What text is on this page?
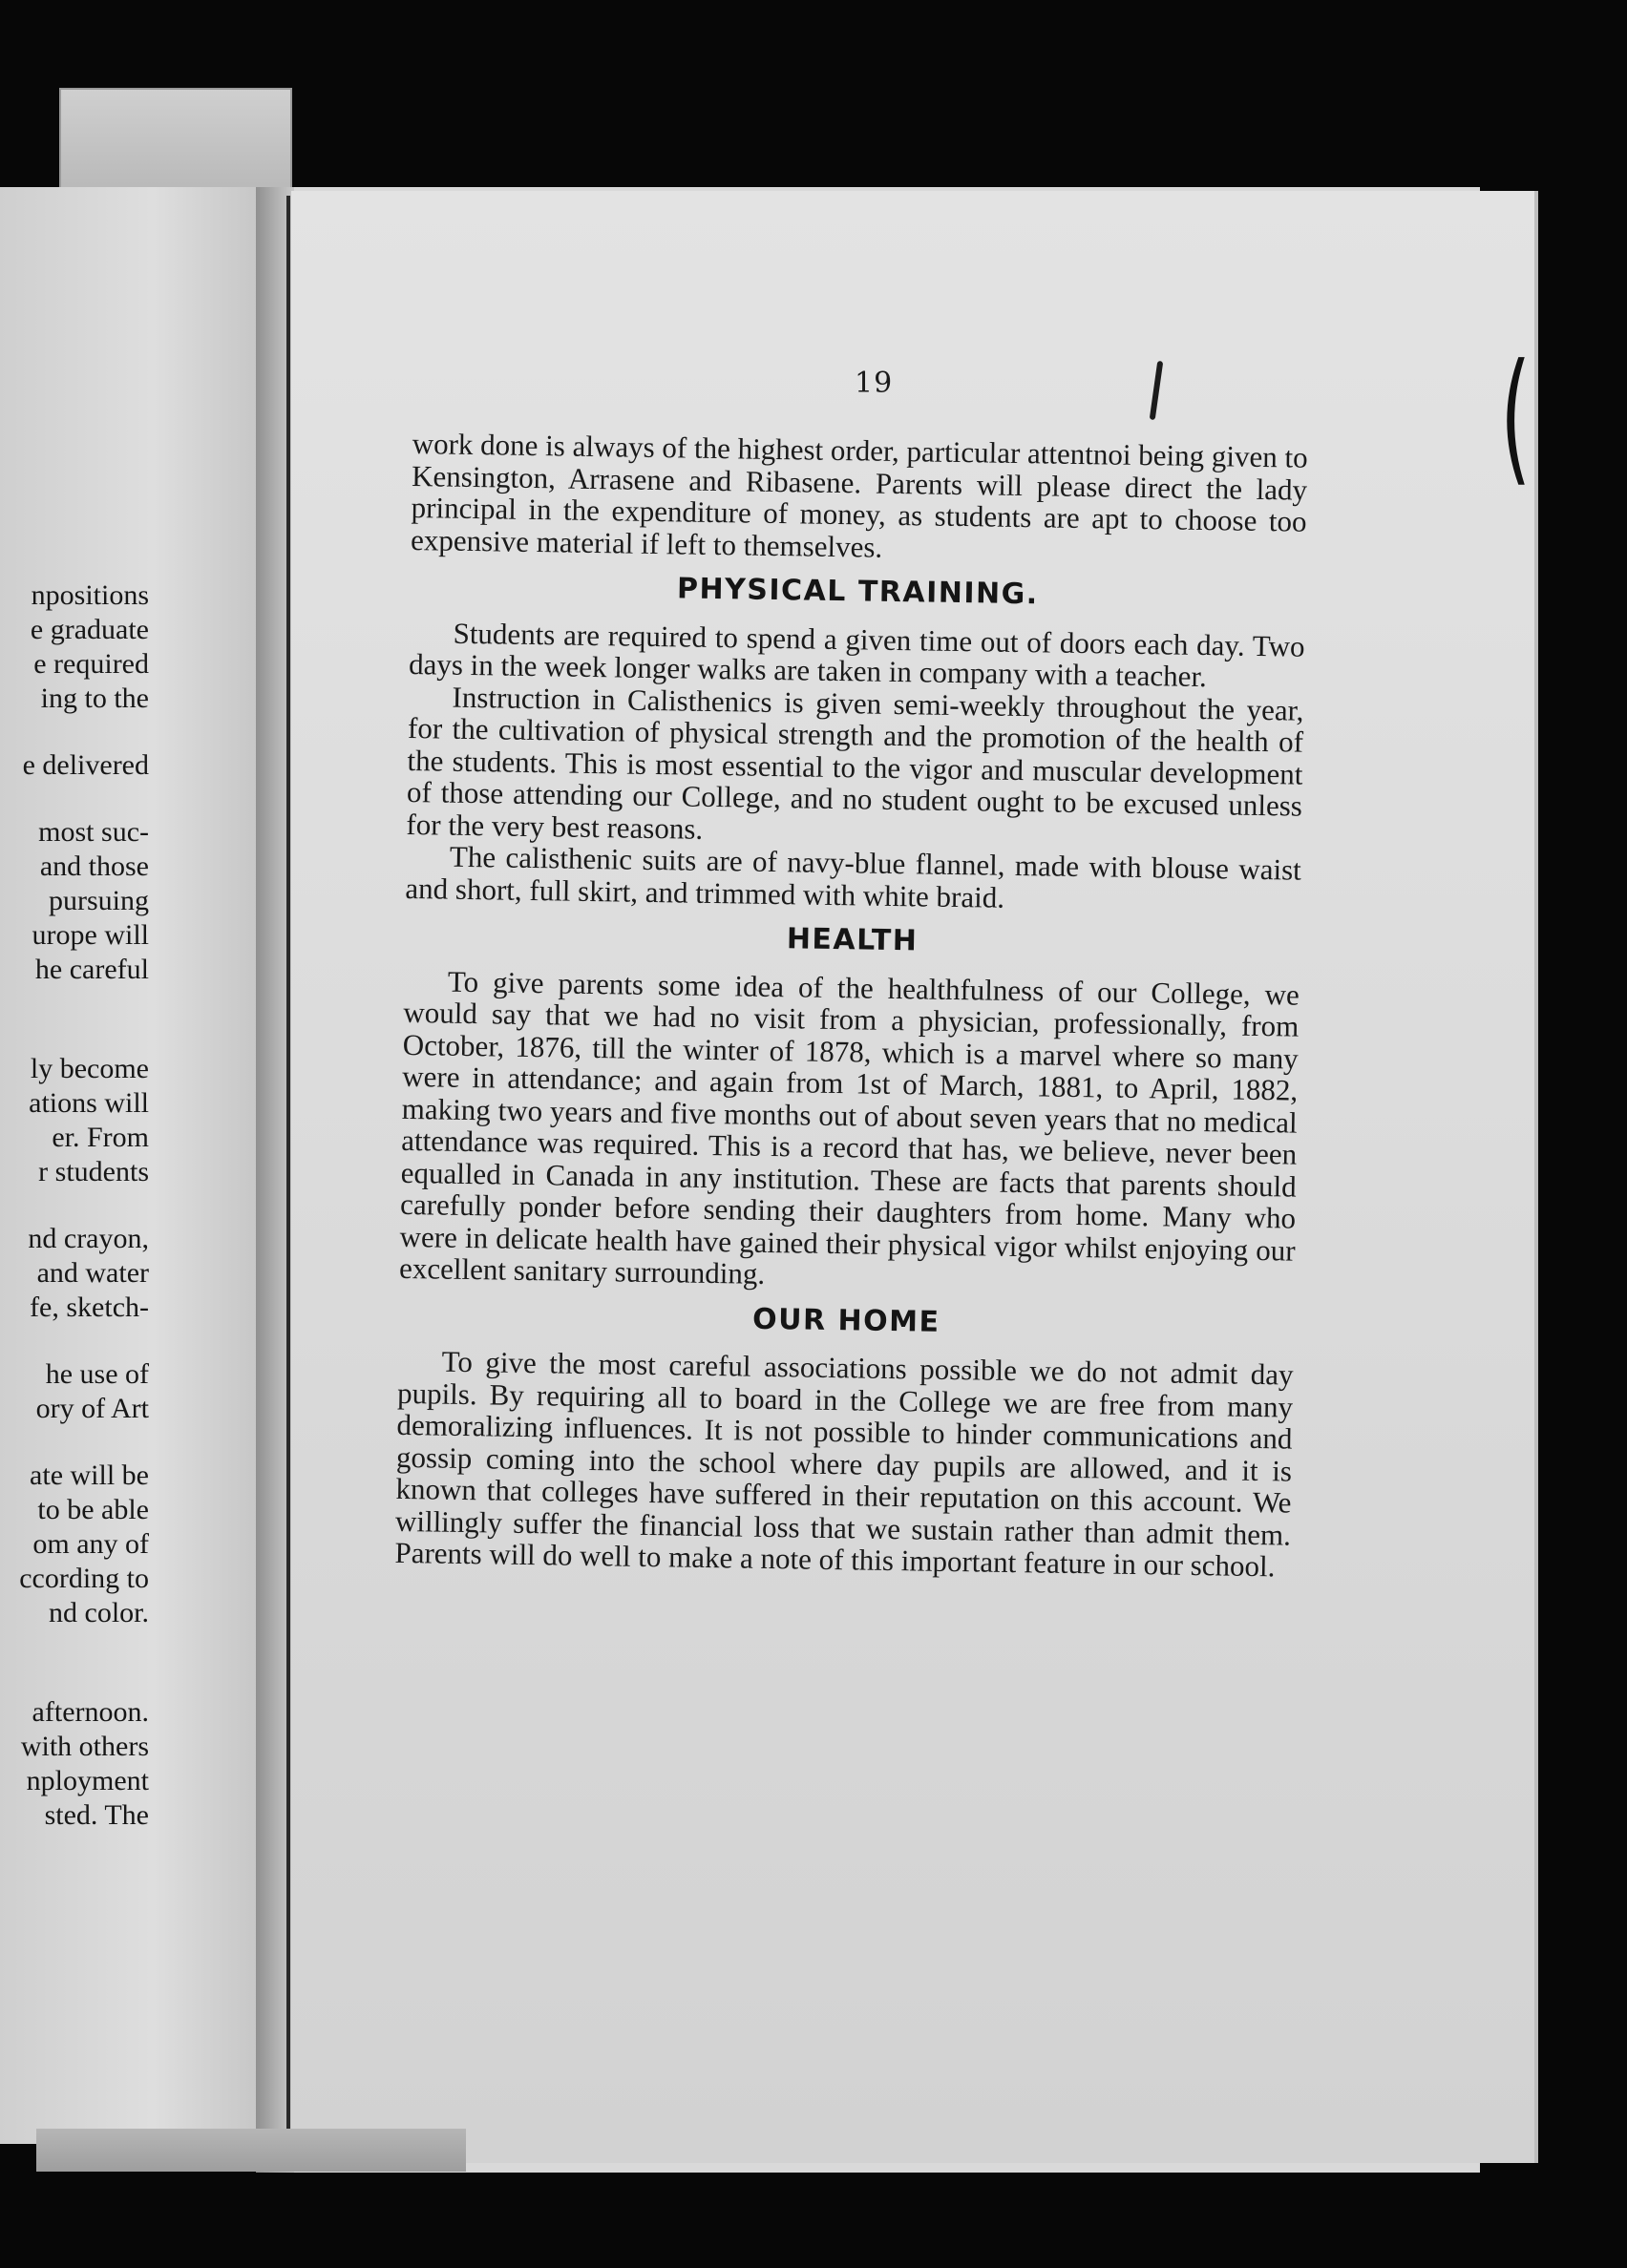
npositions
e graduate
e required
ing to the
e delivered
most suc-
and those
pursuing
urope will
he careful
ly become
ations will
er. From
r students
nd crayon,
and water
fe, sketch-
he use of
ory of Art
ate will be
to be able
om any of
ccording to
nd color.
afternoon.
with others
nployment
sted. The
19	(

work done is always of the highest order, particular attentnoi being given to Kensington, Arrasene and Ribasene. Parents will please direct the lady principal in the expenditure of money, as students are apt to choose too expensive material if left to themselves.

PHYSICAL TRAINING.

Students are required to spend a given time out of doors each day. Two days in the week longer walks are taken in company with a teacher.

Instruction in Calisthenics is given semi-weekly throughout the year, for the cultivation of physical strength and the promotion of the health of the students. This is most essential to the vigor and muscular development of those attending our College, and no student ought to be excused unless for the very best reasons.

The calisthenic suits are of navy-blue flannel, made with blouse waist and short, full skirt, and trimmed with white braid.

HEALTH

To give parents some idea of the healthfulness of our College, we would say that we had no visit from a physician, professionally, from October, 1876, till the winter of 1878, which is a marvel where so many were in attendance; and again from 1st of March, 1881, to April, 1882, making two years and five months out of about seven years that no medical attendance was required. This is a record that has, we believe, never been equalled in Canada in any institution. These are facts that parents should carefully ponder before sending their daughters from home. Many who were in delicate health have gained their physical vigor whilst enjoying our excellent sanitary surrounding.

OUR HOME

To give the most careful associations possible we do not admit day pupils. By requiring all to board in the College we are free from many demoralizing influences. It is not possible to hinder communications and gossip coming into the school where day pupils are allowed, and it is known that colleges have suffered in their reputation on this account. We willingly suffer the financial loss that we sustain rather than admit them. Parents will do well to make a note of this important feature in our school.
